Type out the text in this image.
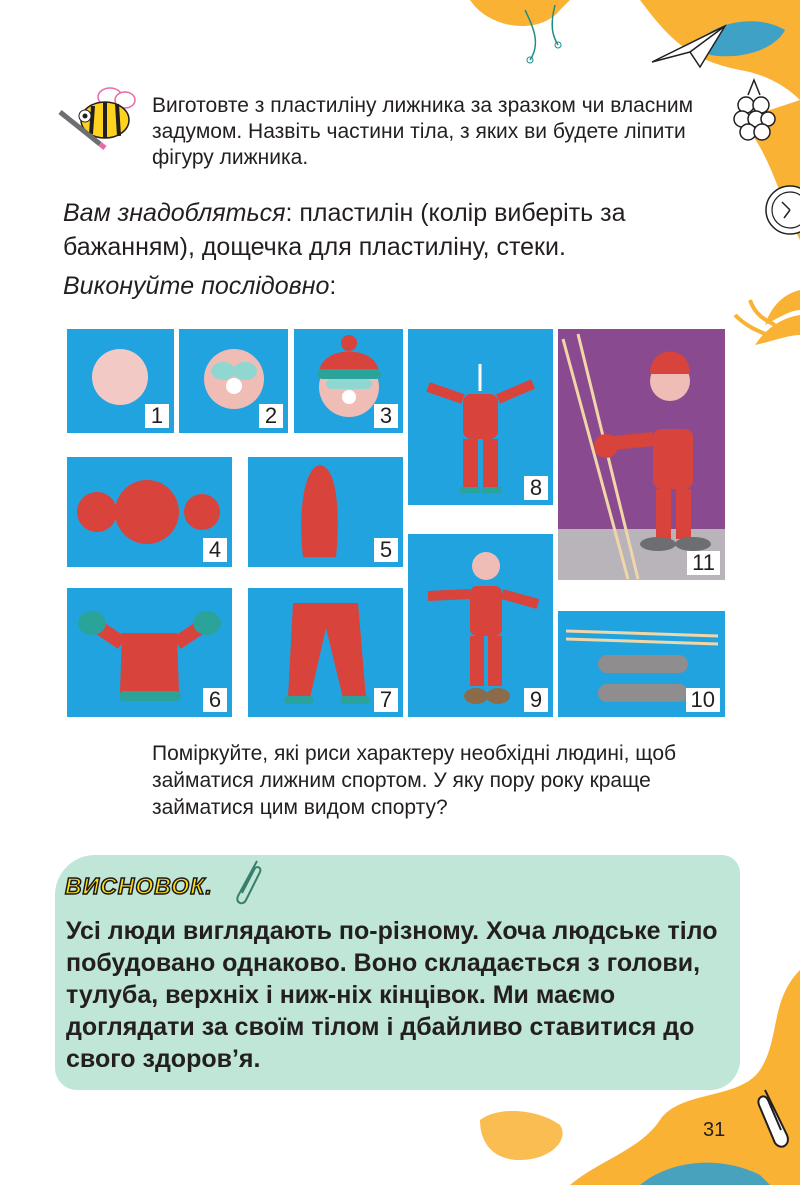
Виготовте з пластиліну лижника за зразком чи власним задумом. Назвіть частини тіла, з яких ви будете ліпити фігуру лижника.
Вам знадобляться: пластилін (колір виберіть за бажанням), дощечка для пластиліну, стеки.
Виконуйте послідовно:
1	2	3
8
11
4	5
9	10
6	7
Поміркуйте, які риси характеру необхідні людині, щоб займатися лижним спортом. У яку пору року краще займатися цим видом спорту?
ВИСНОВОК.
Усі люди виглядають по-різному. Хоча людське тіло побудовано однаково. Воно складається з голови, тулуба, верхніх і ниж-ніх кінцівок. Ми маємо доглядати за своїм тілом і дбайливо ставитися до свого здоров’я.
31
